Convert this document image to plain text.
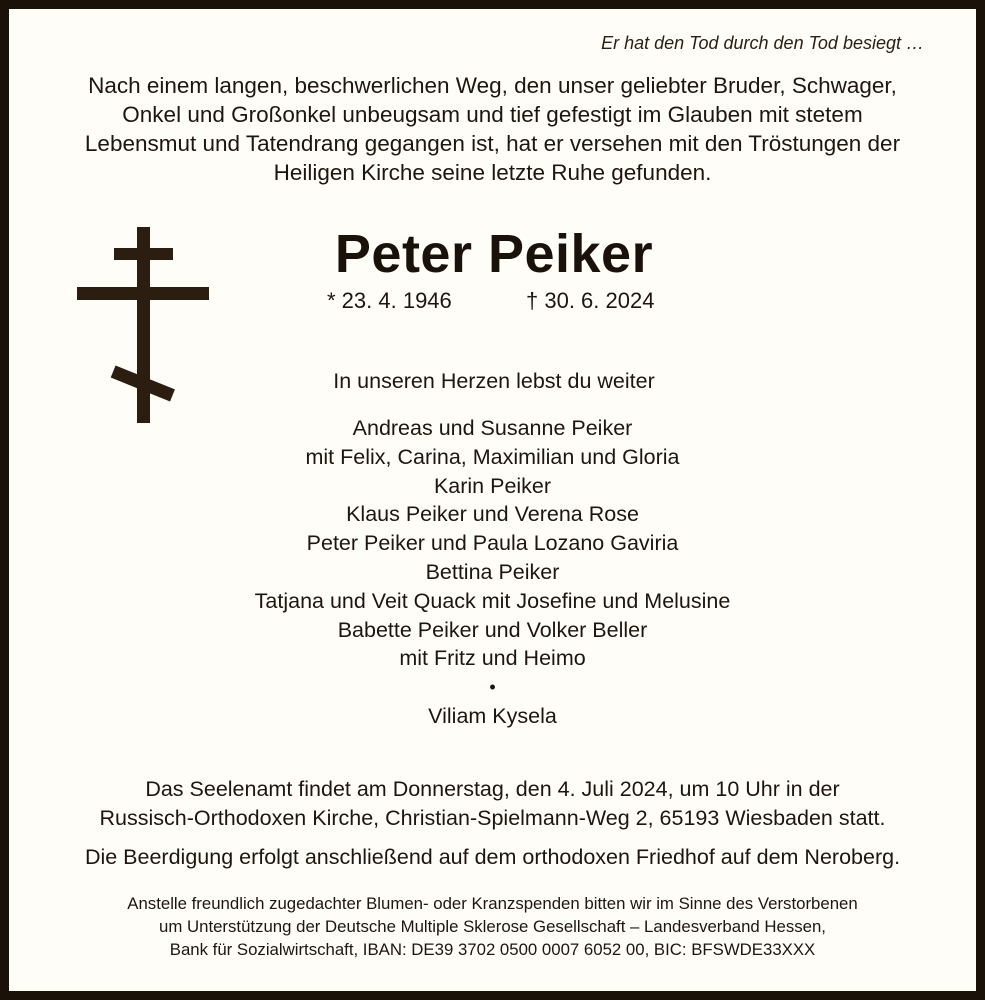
Er hat den Tod durch den Tod besiegt …
Nach einem langen, beschwerlichen Weg, den unser geliebter Bruder, Schwager,
Onkel und Großonkel unbeugsam und tief gefestigt im Glauben mit stetem
Lebensmut und Tatendrang gegangen ist, hat er versehen mit den Tröstungen der
Heiligen Kirche seine letzte Ruhe gefunden.
Peter Peiker
* 23. 4. 1946	† 30. 6. 2024
In unseren Herzen lebst du weiter
Andreas und Susanne Peiker
mit Felix, Carina, Maximilian und Gloria
Karin Peiker
Klaus Peiker und Verena Rose
Peter Peiker und Paula Lozano Gaviria
Bettina Peiker
Tatjana und Veit Quack mit Josefine und Melusine
Babette Peiker und Volker Beller
mit Fritz und Heimo
•
Viliam Kysela
Das Seelenamt findet am Donnerstag, den 4. Juli 2024, um 10 Uhr in der
Russisch-Orthodoxen Kirche, Christian-Spielmann-Weg 2, 65193 Wiesbaden statt.
Die Beerdigung erfolgt anschließend auf dem orthodoxen Friedhof auf dem Neroberg.
Anstelle freundlich zugedachter Blumen- oder Kranzspenden bitten wir im Sinne des Verstorbenen
um Unterstützung der Deutsche Multiple Sklerose Gesellschaft – Landesverband Hessen,
Bank für Sozialwirtschaft, IBAN: DE39 3702 0500 0007 6052 00, BIC: BFSWDE33XXX
